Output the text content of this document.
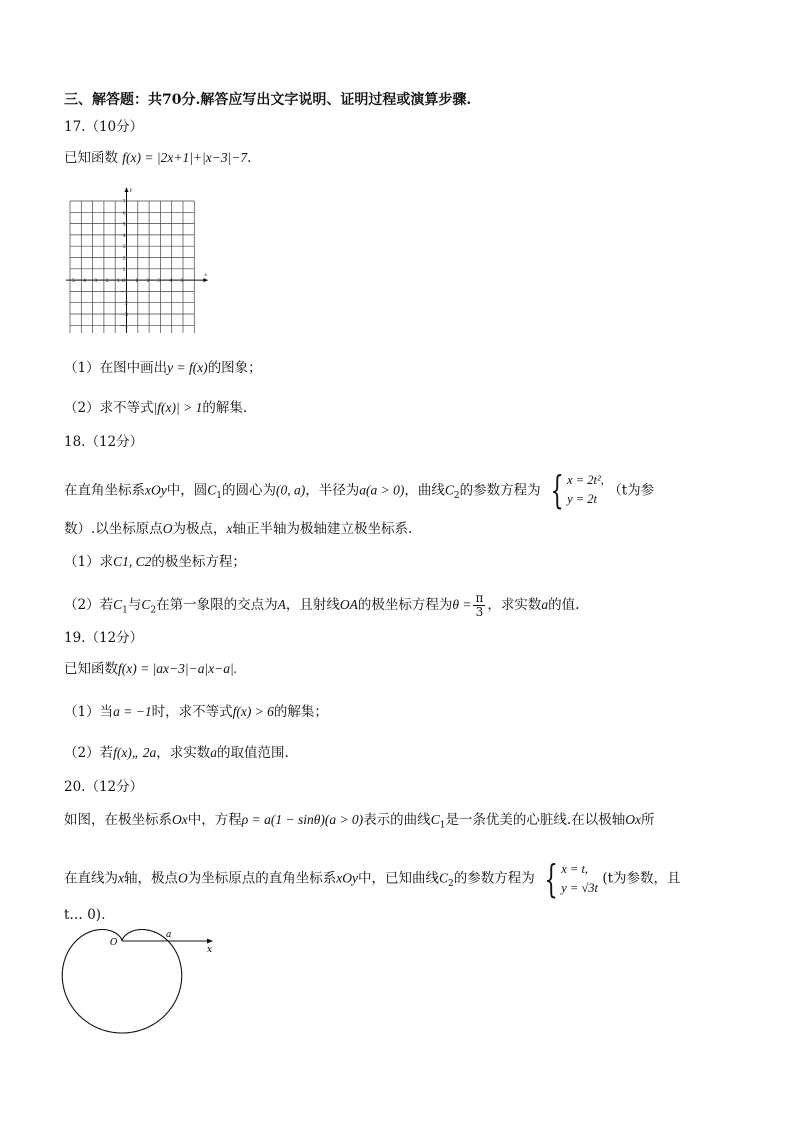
三、解答题：共70分.解答应写出文字说明、证明过程或演算步骤.
17.（10分）
已知函数 f(x) = |2x+1|+|x−3|−7.
−5 −4 −3 −2 −1	1 2 3 4 5
7
6
5
4
3
2
1
−1
−2
−3
−4
O
x
y
（1）在图中画出y = f(x)的图象；
（2）求不等式|f(x)| > 1的解集.
18.（12分）
在直角坐标系xOy中，圆$C_1$的圆心为(0, a)，半径为a(a > 0)，曲线$C_2$的参数方程为 { x = 2t²,
y = 2t
（t为参
数）.以坐标原点O为极点，x轴正半轴为极轴建立极坐标系.
（1）求C1, C2的极坐标方程；
（2）若$C_1$与$C_2$在第一象限的交点为A，且射线OA的极坐标方程为$\theta = \frac{\pi}{3}$ ，求实数a的值.
19.（12分）
已知函数f(x) = |ax−3|−a|x−a|.
（1）当a = −1时，求不等式f(x) > 6的解集；
（2）若f(x)„ 2a，求实数a的取值范围.
20.（12分）
如图，在极坐标系Ox中，方程ρ = a(1 − sinθ)(a > 0)表示的曲线$C_1$是一条优美的心脏线.在以极轴Ox所
在直线为x轴，极点O为坐标原点的直角坐标系xOy中，已知曲线$C_2$的参数方程为 { x = t,
y = √3t
(t为参数，且
t… 0).
O
a
x
